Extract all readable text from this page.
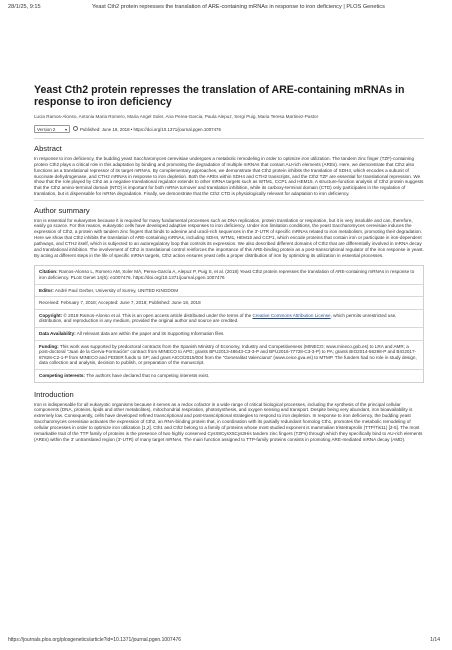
28/1/25, 9:15	Yeast Cth2 protein represses the translation of ARE-containing mRNAs in response to iron deficiency | PLOS Genetics
Yeast Cth2 protein represses the translation of ARE-containing mRNAs in response to iron deficiency
Lucia Ramos-Alonso, Antonia Maria Romero, Maria Angel Soler, Ana Perea-Garcia, Paula Alepuz, Sergi Puig, Maria Teresa Martinez-Pastor
Version 2 ▾	Published: June 18, 2018 • https://doi.org/10.1371/journal.pgen.1007476
Abstract

In response to iron deficiency, the budding yeast Saccharomyces cerevisiae undergoes a metabolic remodeling in order to optimize iron utilization. The tandem zinc finger (TZF)-containing protein Cth2 plays a critical role in this adaptation by binding and promoting the degradation of multiple mRNAs that contain AU-rich elements (AREs). Here, we demonstrate that Cth2 also functions as a translational repressor of its target mRNAs. By complementary approaches, we demonstrate that Cth2 protein inhibits the translation of SDH4, which encodes a subunit of succinate dehydrogenase, and CTH2 mRNAs in response to iron depletion. Both the AREs within SDH4 and CTH2 transcripts, and the Cth2 TZF are essential for translational repression. We show that the role played by Cth2 as a negative translational regulator extends to other mRNA targets such as WTM1, CCP1 and HEM15. A structure-function analysis of Cth2 protein suggests that the Cth2 amino-terminal domain (NTD) is important for both mRNA turnover and translation inhibition, while its carboxy-terminal domain (CTD) only participates in the regulation of translation, but is dispensable for mRNA degradation. Finally, we demonstrate that the Cth2 CTD is physiologically relevant for adaptation to iron deficiency.

Author summary

Iron is essential for eukaryotes because it is required for many fundamental processes such as DNA replication, protein translation or respiration, but it is very insoluble and can, therefore, easily go scarce. For this reason, eukaryotic cells have developed adaptive responses to iron deficiency. Under iron limitation conditions, the yeast Saccharomyces cerevisiae induces the expression of Cth2, a protein with tandem zinc fingers that binds to adenine and uracil-rich sequences in the 3'-UTR of specific mRNAs related to iron metabolism, promoting their degradation. Here we show that Cth2 inhibits the translation of ARE-containing mRNAs, including SDH4, WTM1, HEM15 and CCP1, which encode proteins that contain iron or participate in iron-dependent pathways, and CTH2 itself, which is subjected to an autoregulatory loop that controls its expression. We also described different domains of Cth2 that are differentially involved in mRNA decay and translational inhibition. The involvement of Cth2 in translational control reinforces the importance of this ARE-binding protein as a post-transcriptional regulator of the iron response in yeast. By acting at different steps in the life of specific mRNA targets, Cth2 action ensures yeast cells a proper distribution of iron by optimizing its utilization in essential processes.

Citation: Ramos-Alonso L, Romero AM, Soler MÀ, Perea-García A, Alepuz P, Puig S, et al. (2018) Yeast Cth2 protein represses the translation of ARE-containing mRNAs in response to iron deficiency. PLoS Genet 14(6): e1007476. https://doi.org/10.1371/journal.pgen.1007476
Editor: André Paul Gerber, University of Surrey, UNITED KINGDOM
Received: February 7, 2018; Accepted: June 7, 2018; Published: June 18, 2018
Copyright: © 2018 Ramos-Alonso et al. This is an open access article distributed under the terms of the Creative Commons Attribution License, which permits unrestricted use, distribution, and reproduction in any medium, provided the original author and source are credited.
Data Availability: All relevant data are within the paper and its Supporting Information files.
Funding: This work was supported by predoctoral contracts from the Spanish Ministry of Economy, Industry and Competitiveness (MINECO; www.mineco.gob.es) to LRA and AMR; a post-doctoral "Juan de la Cierva-Formación" contract from MINECO to APG; grants BFU2013-48643-C3-3-P and BFU2016-77728-C3-3-P) to PA; grants BIO2014-56298-P and BIO2017-87828-C2-1-P from MINECO and FEDER funds to SP; and grant AICO/2015/004 from the "Generalitat Valenciana" (www.ceice.gva.es) to MTMP. The funders had no role in study design, data collection and analysis, decision to publish, or preparation of the manuscript.
Competing interests: The authors have declared that no competing interests exist.
Introduction

Iron is indispensable for all eukaryotic organisms because it serves as a redox cofactor in a wide range of critical biological processes, including the synthesis of the principal cellular components (DNA, proteins, lipids and other metabolites), mitochondrial respiration, photosynthesis, and oxygen sensing and transport. Despite being very abundant, iron bioavailability is extremely low. Consequently, cells have developed refined transcriptional and post-transcriptional strategies to respond to iron depletion. In response to iron deficiency, the budding yeast Saccharomyces cerevisiae activates the expression of Cth2, an RNA-binding protein that, in coordination with its partially redundant homolog Cth1, promotes the metabolic remodeling of cellular processes in order to optimize iron utilization [1,2]. Cth1 and Cth2 belong to a family of proteins whose most studied exponent is mammalian tristetraprolin (TTP/Tis11) [3-5]. The most remarkable trait of the TTP family of proteins is the presence of two highly conserved CysX8CysX5Cys3His tandem zinc fingers (TZFs) through which they specifically bind to AU-rich elements (AREs) within the 3' untranslated region (3'-UTR) of many target mRNAs. The main function assigned to TTP-family proteins consists in promoting ARE-mediated mRNA decay (AMD).

https://journals.plos.org/plosgenetics/article?id=10.1371/journal.pgen.1007476	1/14
